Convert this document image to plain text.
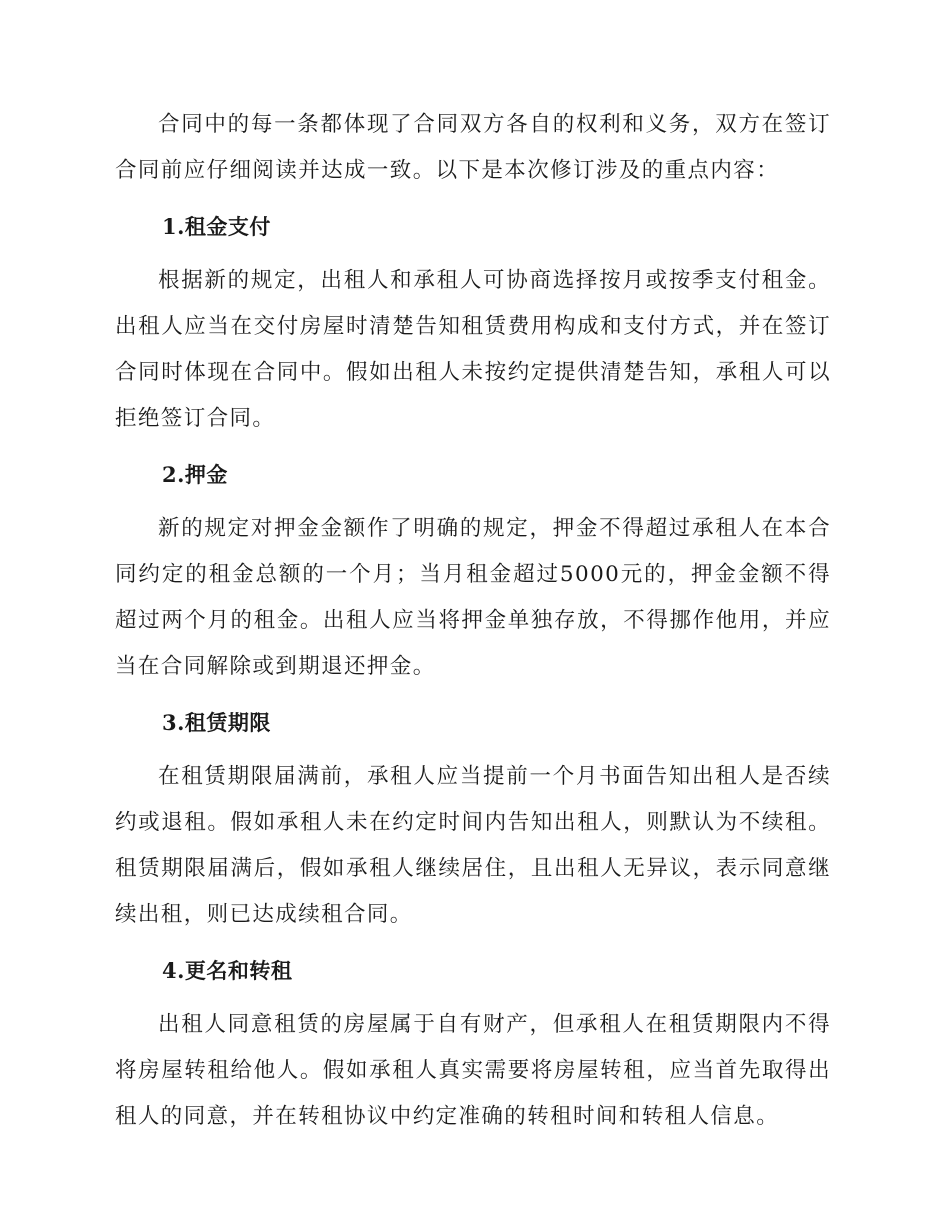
合同中的每一条都体现了合同双方各自的权利和义务，双方在签订合同前应仔细阅读并达成一致。以下是本次修订涉及的重点内容：

1.租金支付

根据新的规定，出租人和承租人可协商选择按月或按季支付租金。出租人应当在交付房屋时清楚告知租赁费用构成和支付方式，并在签订合同时体现在合同中。假如出租人未按约定提供清楚告知，承租人可以拒绝签订合同。

2.押金

新的规定对押金金额作了明确的规定，押金不得超过承租人在本合同约定的租金总额的一个月；当月租金超过5000元的，押金金额不得超过两个月的租金。出租人应当将押金单独存放，不得挪作他用，并应当在合同解除或到期退还押金。

3.租赁期限

在租赁期限届满前，承租人应当提前一个月书面告知出租人是否续约或退租。假如承租人未在约定时间内告知出租人，则默认为不续租。租赁期限届满后，假如承租人继续居住，且出租人无异议，表示同意继续出租，则已达成续租合同。

4.更名和转租

出租人同意租赁的房屋属于自有财产，但承租人在租赁期限内不得将房屋转租给他人。假如承租人真实需要将房屋转租，应当首先取得出租人的同意，并在转租协议中约定准确的转租时间和转租人信息。
